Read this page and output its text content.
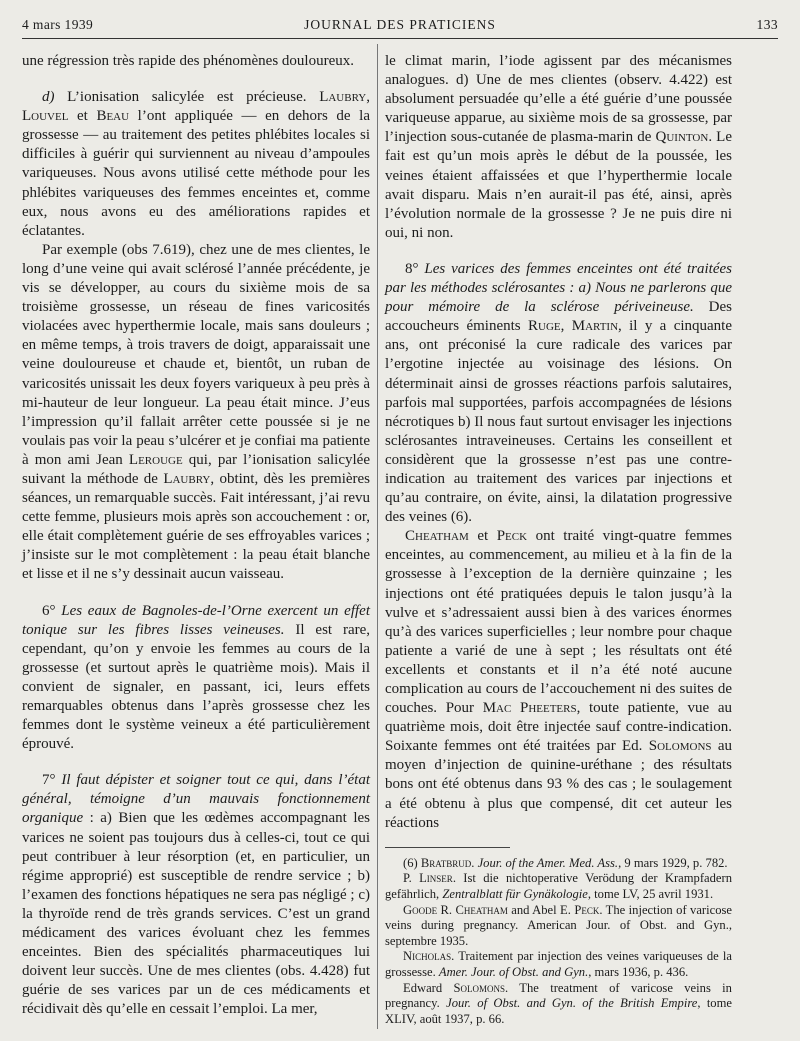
4 mars 1939	JOURNAL DES PRATICIENS	133

une régression très rapide des phénomènes douloureux.

d) L’ionisation salicylée est précieuse. Laubry, Louvel et Beau l’ont appliquée — en dehors de la grossesse — au traitement des petites phlébites locales si difficiles à guérir qui surviennent au niveau d’ampoules variqueuses. Nous avons utilisé cette méthode pour les phlébites variqueuses des femmes enceintes et, comme eux, nous avons eu des améliorations rapides et éclatantes.

Par exemple (obs 7.619), chez une de mes clientes, le long d’une veine qui avait sclérosé l’année précédente, je vis se développer, au cours du sixième mois de sa troisième grossesse, un réseau de fines varicosités violacées avec hyperthermie locale, mais sans douleurs ; en même temps, à trois travers de doigt, apparaissait une veine douloureuse et chaude et, bientôt, un ruban de varicosités unissait les deux foyers variqueux à peu près à mi-hauteur de leur longueur. La peau était mince. J’eus l’impression qu’il fallait arrêter cette poussée si je ne voulais pas voir la peau s’ulcérer et je confiai ma patiente à mon ami Jean Lerouge qui, par l’ionisation salicylée suivant la méthode de Laubry, obtint, dès les premières séances, un remarquable succès. Fait intéressant, j’ai revu cette femme, plusieurs mois après son accouchement : or, elle était complètement guérie de ses effroyables varices ; j’insiste sur le mot complètement : la peau était blanche et lisse et il ne s’y dessinait aucun vaisseau.

6° Les eaux de Bagnoles-de-l’Orne exercent un effet tonique sur les fibres lisses veineuses. Il est rare, cependant, qu’on y envoie les femmes au cours de la grossesse (et surtout après le quatrième mois). Mais il convient de signaler, en passant, ici, leurs effets remarquables obtenus dans l’après grossesse chez les femmes dont le système veineux a été particulièrement éprouvé.

7° Il faut dépister et soigner tout ce qui, dans l’état général, témoigne d’un mauvais fonctionnement organique : a) Bien que les œdèmes accompagnant les varices ne soient pas toujours dus à celles-ci, tout ce qui peut contribuer à leur résorption (et, en particulier, un régime approprié) est susceptible de rendre service ; b) l’examen des fonctions hépatiques ne sera pas négligé ; c) la thyroïde rend de très grands services. C’est un grand médicament des varices évoluant chez les femmes enceintes. Bien des spécialités pharmaceutiques lui doivent leur succès. Une de mes clientes (obs. 4.428) fut guérie de ses varices par un de ces médicaments et récidivait dès qu’elle en cessait l’emploi. La mer,

le climat marin, l’iode agissent par des mécanismes analogues. d) Une de mes clientes (observ. 4.422) est absolument persuadée qu’elle a été guérie d’une poussée variqueuse apparue, au sixième mois de sa grossesse, par l’injection sous-cutanée de plasma-marin de Quinton. Le fait est qu’un mois après le début de la poussée, les veines étaient affaissées et que l’hyperthermie locale avait disparu. Mais n’en aurait-il pas été, ainsi, après l’évolution normale de la grossesse ? Je ne puis dire ni oui, ni non.

8° Les varices des femmes enceintes ont été traitées par les méthodes sclérosantes : a) Nous ne parlerons que pour mémoire de la sclérose périveineuse. Des accoucheurs éminents Ruge, Martin, il y a cinquante ans, ont préconisé la cure radicale des varices par l’ergotine injectée au voisinage des lésions. On déterminait ainsi de grosses réactions parfois salutaires, parfois mal supportées, parfois accompagnées de lésions nécrotiques b) Il nous faut surtout envisager les injections sclérosantes intraveineuses. Certains les conseillent et considèrent que la grossesse n’est pas une contre-indication au traitement des varices par injections et qu’au contraire, on évite, ainsi, la dilatation progressive des veines (6).

Cheatham et Peck ont traité vingt-quatre femmes enceintes, au commencement, au milieu et à la fin de la grossesse à l’exception de la dernière quinzaine ; les injections ont été pratiquées depuis le talon jusqu’à la vulve et s’adressaient aussi bien à des varices énormes qu’à des varices superficielles ; leur nombre pour chaque patiente a varié de une à sept ; les résultats ont été excellents et constants et il n’a été noté aucune complication au cours de l’accouchement ni des suites de couches. Pour Mac Pheeters, toute patiente, vue au quatrième mois, doit être injectée sauf contre-indication. Soixante femmes ont été traitées par Ed. Solomons au moyen d’injection de quinine-uréthane ; des résultats bons ont été obtenus dans 93 % des cas ; le soulagement a été obtenu à plus que compensé, dit cet auteur les réactions

(6) Bratbrud. Jour. of the Amer. Med. Ass., 9 mars 1929, p. 782.

P. Linser. Ist die nichtoperative Verödung der Krampfadern gefährlich, Zentralblatt für Gynäkologie, tome LV, 25 avril 1931.

Goode R. Cheatham and Abel E. Peck. The injection of varicose veins during pregnancy. American Jour. of Obst. and Gyn., septembre 1935.

Nicholas. Traitement par injection des veines variqueuses de la grossesse. Amer. Jour. of Obst. and Gyn., mars 1936, p. 436.

Edward Solomons. The treatment of varicose veins in pregnancy. Jour. of Obst. and Gyn. of the British Empire, tome XLIV, août 1937, p. 66.
